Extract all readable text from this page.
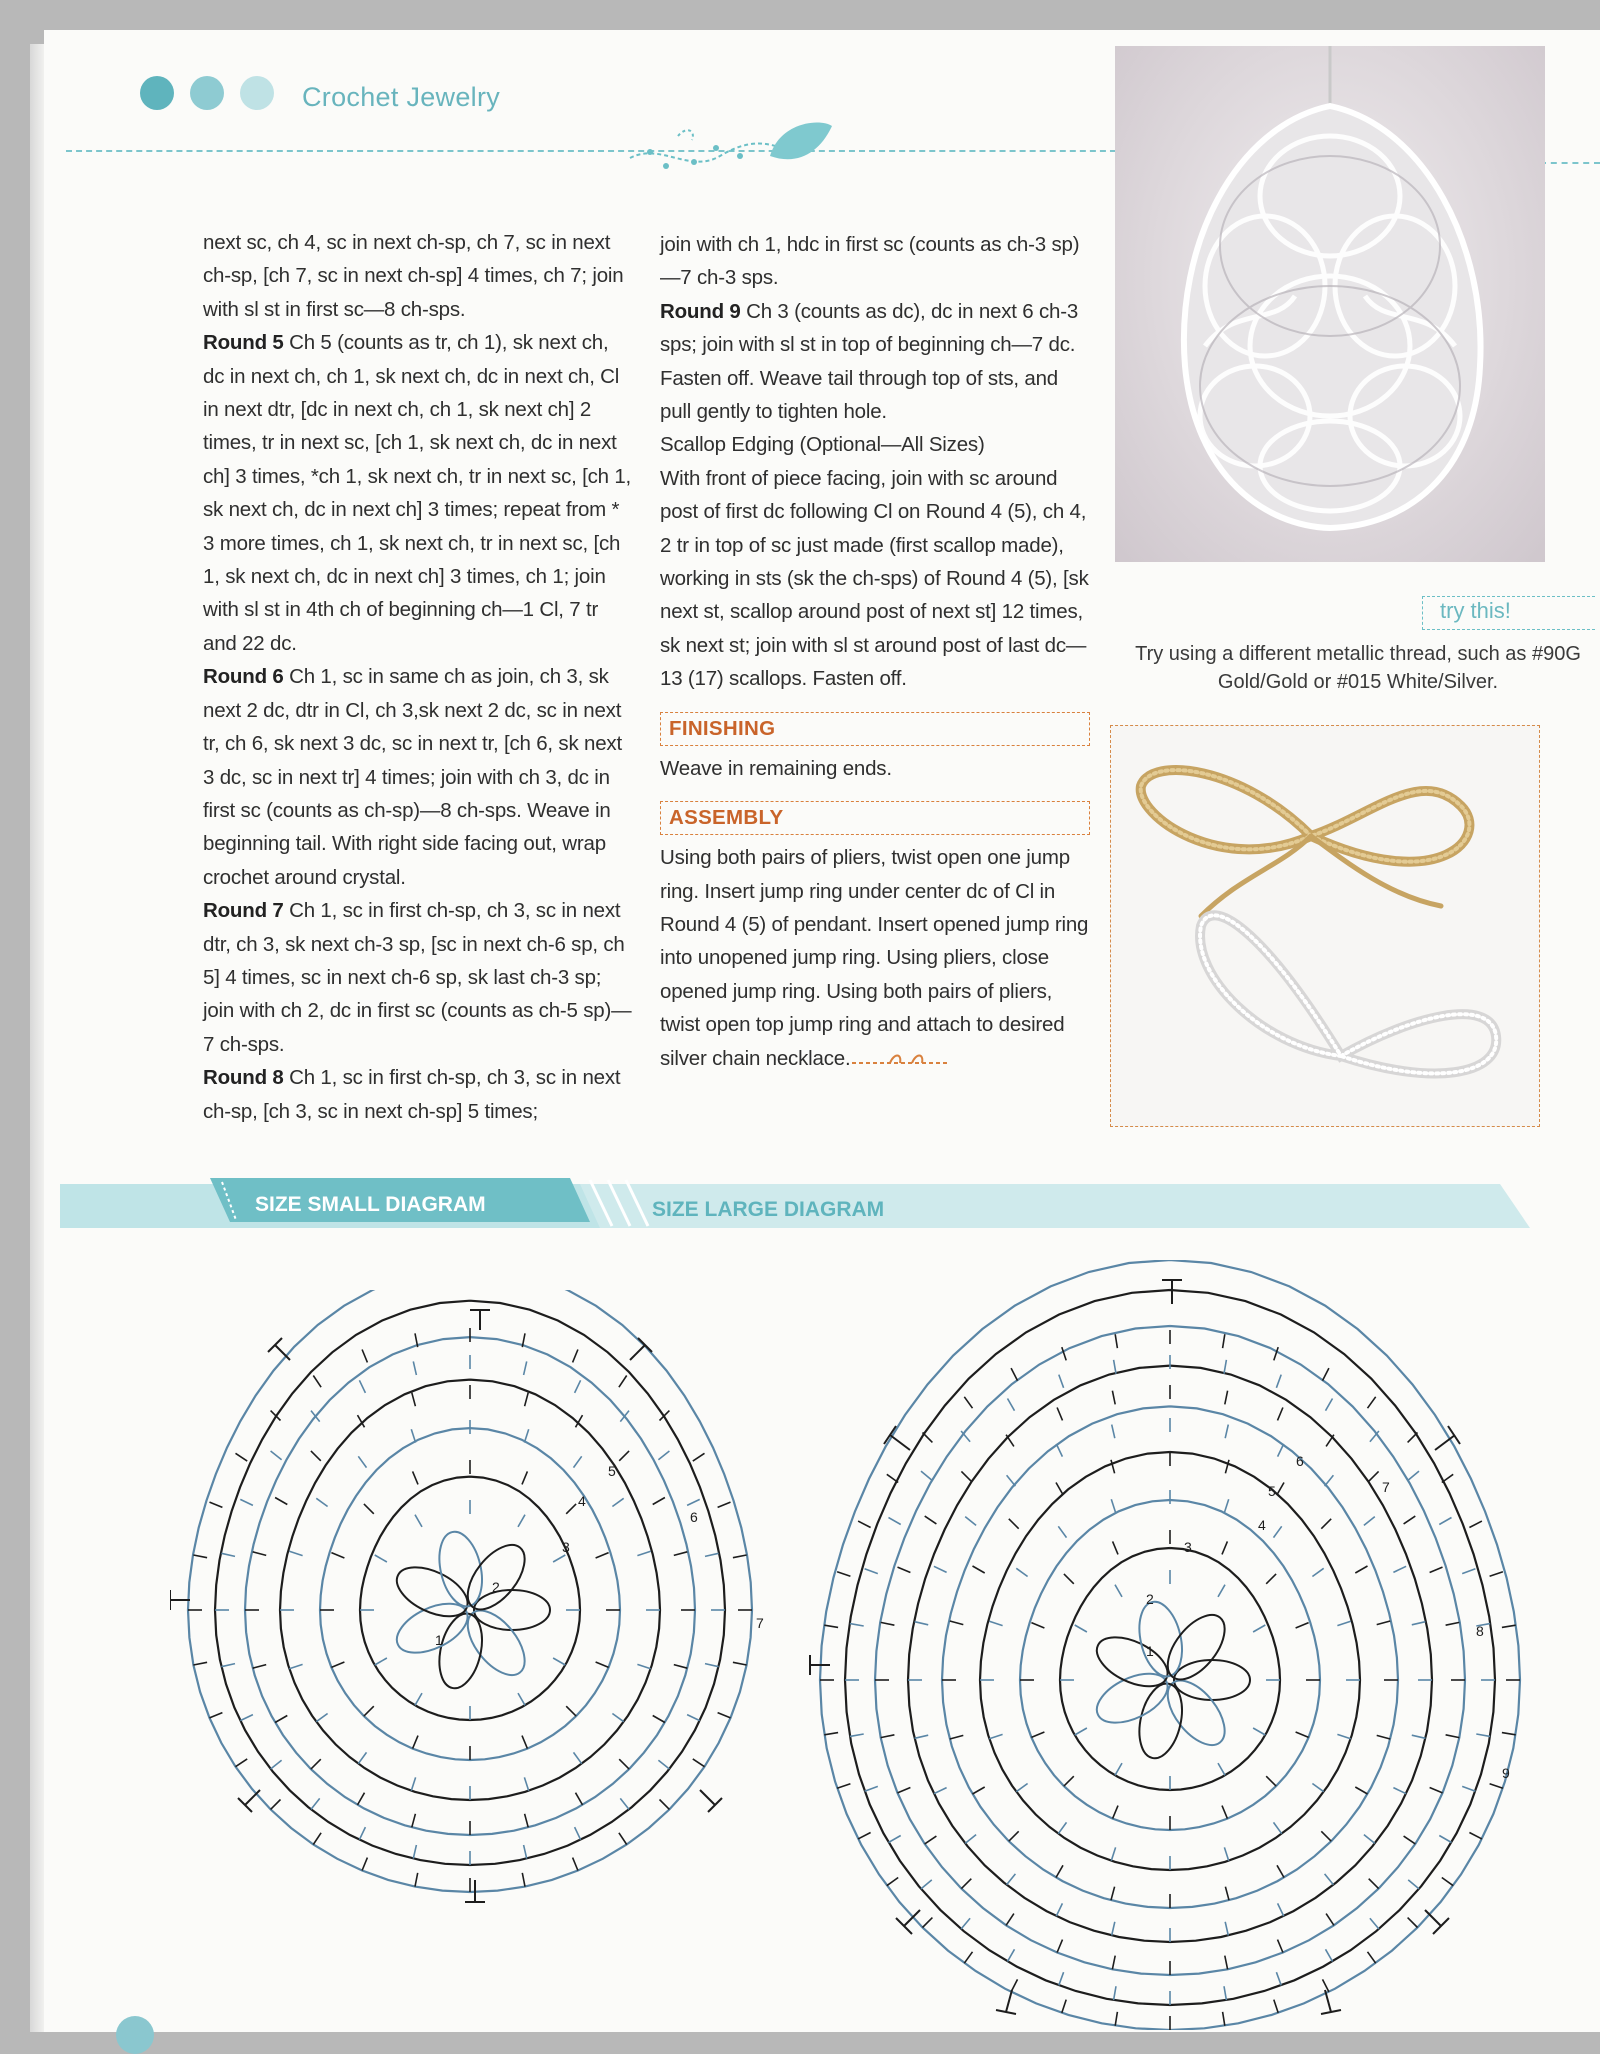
Crochet Jewelry

next sc, ch 4, sc in next ch-sp, ch 7, sc in next ch-sp, [ch 7, sc in next ch-sp] 4 times, ch 7; join with sl st in first sc—8 ch-sps.

Round 5 Ch 5 (counts as tr, ch 1), sk next ch, dc in next ch, ch 1, sk next ch, dc in next ch, Cl in next dtr, [dc in next ch, ch 1, sk next ch] 2 times, tr in next sc, [ch 1, sk next ch, dc in next ch] 3 times, *ch 1, sk next ch, tr in next sc, [ch 1, sk next ch, dc in next ch] 3 times; repeat from * 3 more times, ch 1, sk next ch, tr in next sc, [ch 1, sk next ch, dc in next ch] 3 times, ch 1; join with sl st in 4th ch of beginning ch—1 Cl, 7 tr and 22 dc.

Round 6 Ch 1, sc in same ch as join, ch 3, sk next 2 dc, dtr in Cl, ch 3,sk next 2 dc, sc in next tr, ch 6, sk next 3 dc, sc in next tr, [ch 6, sk next 3 dc, sc in next tr] 4 times; join with ch 3, dc in first sc (counts as ch-sp)—8 ch-sps. Weave in beginning tail. With right side facing out, wrap crochet around crystal.

Round 7 Ch 1, sc in first ch-sp, ch 3, sc in next dtr, ch 3, sk next ch-3 sp, [sc in next ch-6 sp, ch 5] 4 times, sc in next ch-6 sp, sk last ch-3 sp; join with ch 2, dc in first sc (counts as ch-5 sp)—7 ch-sps.

Round 8 Ch 1, sc in first ch-sp, ch 3, sc in next ch-sp, [ch 3, sc in next ch-sp] 5 times;

join with ch 1, hdc in first sc (counts as ch-3 sp)—7 ch-3 sps.

Round 9 Ch 3 (counts as dc), dc in next 6 ch-3 sps; join with sl st in top of beginning ch—7 dc. Fasten off. Weave tail through top of sts, and pull gently to tighten hole.

Scallop Edging (Optional—All Sizes)

With front of piece facing, join with sc around post of first dc following Cl on Round 4 (5), ch 4, 2 tr in top of sc just made (first scallop made), working in sts (sk the ch-sps) of Round 4 (5), [sk next st, scallop around post of next st] 12 times, sk next st; join with sl st around post of last dc—13 (17) scallops. Fasten off.

FINISHING

Weave in remaining ends.

ASSEMBLY

Using both pairs of pliers, twist open one jump ring. Insert jump ring under center dc of Cl in Round 4 (5) of pendant. Insert opened jump ring into unopened jump ring. Using pliers, close opened jump ring. Using both pairs of pliers, twist open top jump ring and attach to desired silver chain necklace.

try this!
Try using a different metallic thread, such as #90G Gold/Gold or #015 White/Silver.
SIZE SMALL DIAGRAM	SIZE LARGE DIAGRAM
1
2
3
4
5
6
7
1
2
3
4
5
6
7
8
9
